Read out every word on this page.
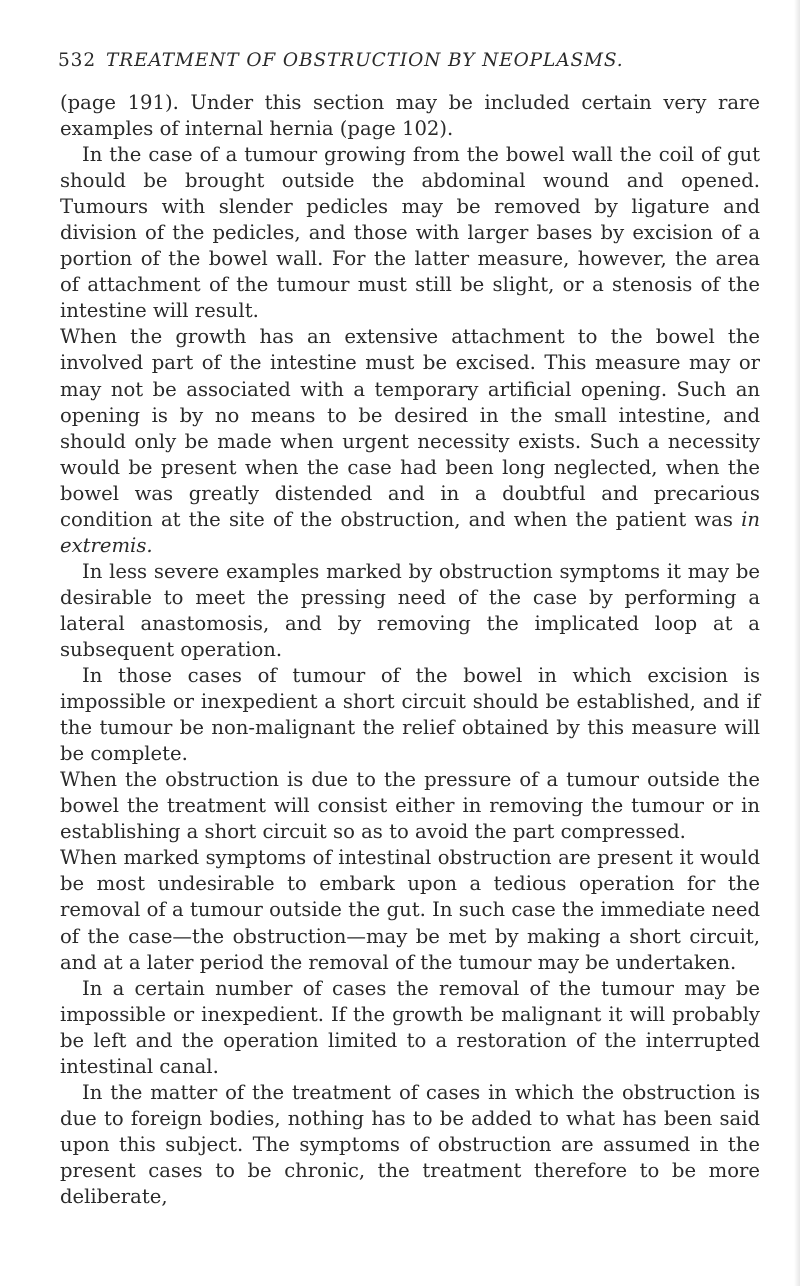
532 TREATMENT OF OBSTRUCTION BY NEOPLASMS.

(page 191). Under this section may be included certain very rare examples of internal hernia (page 102).

In the case of a tumour growing from the bowel wall the coil of gut should be brought outside the abdominal wound and opened. Tumours with slender pedicles may be removed by ligature and division of the pedicles, and those with larger bases by excision of a portion of the bowel wall. For the latter measure, however, the area of attachment of the tumour must still be slight, or a stenosis of the intestine will result.

When the growth has an extensive attachment to the bowel the involved part of the intestine must be excised. This measure may or may not be associated with a temporary artificial opening. Such an opening is by no means to be desired in the small intestine, and should only be made when urgent necessity exists. Such a necessity would be present when the case had been long neglected, when the bowel was greatly distended and in a doubtful and precarious condition at the site of the obstruction, and when the patient was in extremis.

In less severe examples marked by obstruction symptoms it may be desirable to meet the pressing need of the case by performing a lateral anastomosis, and by removing the implicated loop at a subsequent operation.

In those cases of tumour of the bowel in which excision is impossible or inexpedient a short circuit should be established, and if the tumour be non-malignant the relief obtained by this measure will be complete.

When the obstruction is due to the pressure of a tumour outside the bowel the treatment will consist either in removing the tumour or in establishing a short circuit so as to avoid the part compressed.

When marked symptoms of intestinal obstruction are present it would be most undesirable to embark upon a tedious operation for the removal of a tumour outside the gut. In such case the immediate need of the case—the obstruction—may be met by making a short circuit, and at a later period the removal of the tumour may be undertaken.

In a certain number of cases the removal of the tumour may be impossible or inexpedient. If the growth be malignant it will probably be left and the operation limited to a restoration of the interrupted intestinal canal.

In the matter of the treatment of cases in which the obstruction is due to foreign bodies, nothing has to be added to what has been said upon this subject. The symptoms of obstruction are assumed in the present cases to be chronic, the treatment therefore to be more deliberate,
